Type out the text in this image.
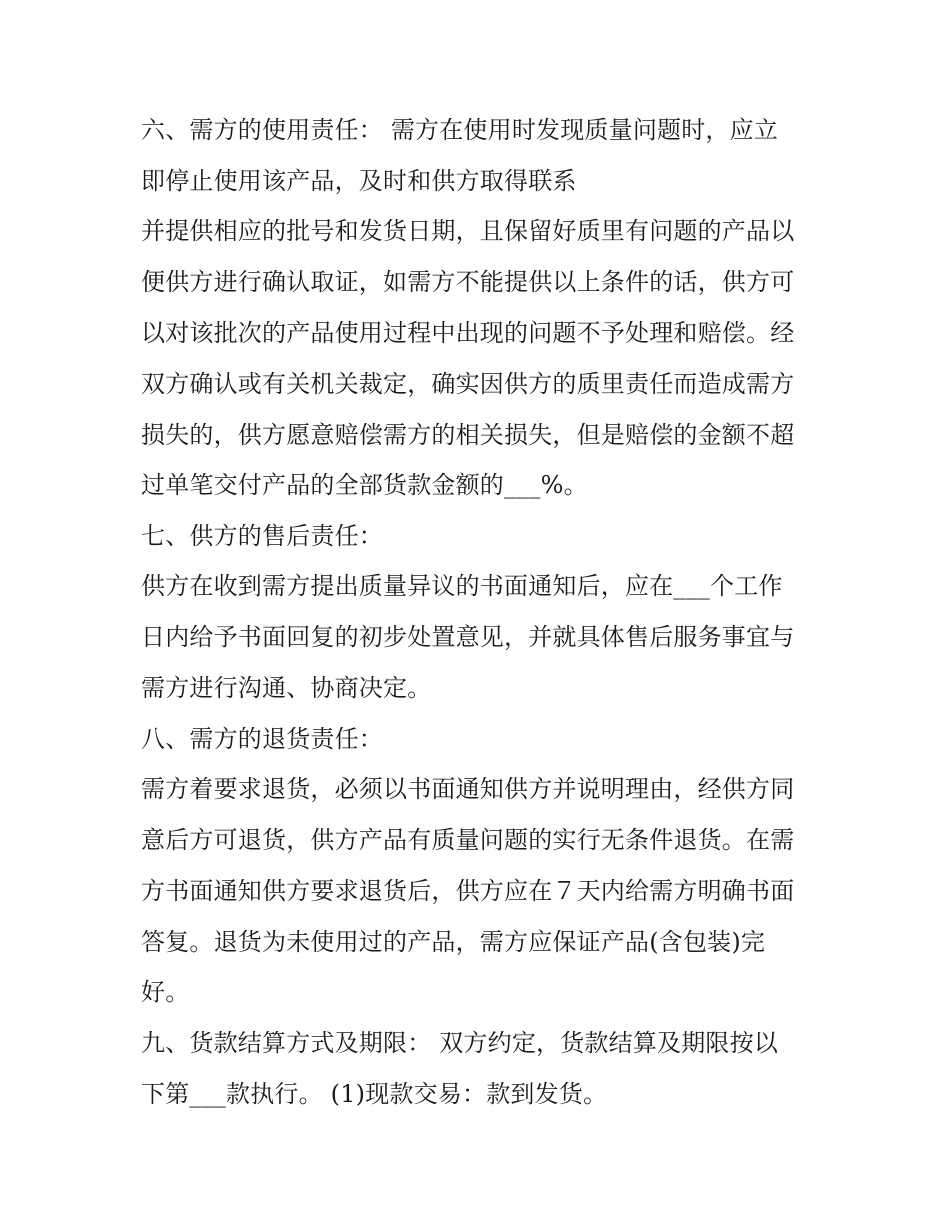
六、需方的使用责任： 需方在使用时发现质量问题时，应立
即停止使用该产品，及时和供方取得联系
并提供相应的批号和发货日期，且保留好质里有问题的产品以
便供方进行确认取证，如需方不能提供以上条件的话，供方可
以对该批次的产品使用过程中出现的问题不予处理和赔偿。经
双方确认或有关机关裁定，确实因供方的质里责任而造成需方
损失的，供方愿意赔偿需方的相关损失，但是赔偿的金额不超
过单笔交付产品的全部货款金额的___%。
七、供方的售后责任：
供方在收到需方提出质量异议的书面通知后，应在___个工作
日内给予书面回复的初步处置意见，并就具体售后服务事宜与
需方进行沟通、协商决定。
八、需方的退货责任：
需方着要求退货，必须以书面通知供方并说明理由，经供方同
意后方可退货，供方产品有质量问题的实行无条件退货。在需
方书面通知供方要求退货后，供方应在７天内给需方明确书面
答复。退货为未使用过的产品，需方应保证产品(含包装)完
好。
九、货款结算方式及期限： 双方约定，货款结算及期限按以
下第___款执行。 (1)现款交易：款到发货。
